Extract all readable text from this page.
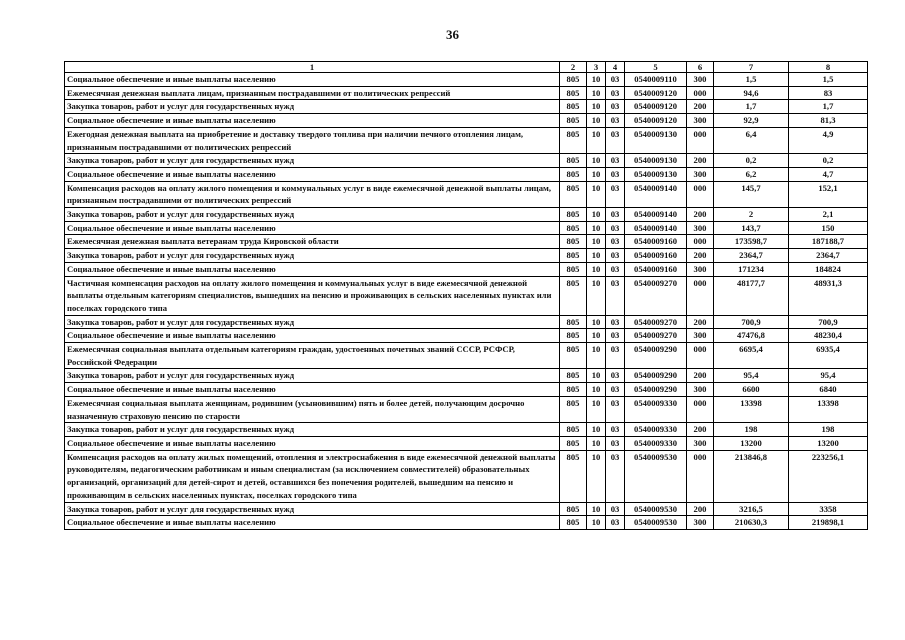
36
1	2	3	4	5	6	7	8
Социальное обеспечение и иные выплаты населению	805	10	03	0540009110	300	1,5	1,5
Ежемесячная денежная выплата лицам, признанным пострадавшими от политических репрессий	805	10	03	0540009120	000	94,6	83
Закупка товаров, работ и услуг для государственных нужд	805	10	03	0540009120	200	1,7	1,7
Социальное обеспечение и иные выплаты населению	805	10	03	0540009120	300	92,9	81,3
Ежегодная денежная выплата на приобретение и доставку твердого топлива при наличии печного отопления лицам, признанным пострадавшими от политических репрессий	805	10	03	0540009130	000	6,4	4,9
Закупка товаров, работ и услуг для государственных нужд	805	10	03	0540009130	200	0,2	0,2
Социальное обеспечение и иные выплаты населению	805	10	03	0540009130	300	6,2	4,7
Компенсация расходов на оплату жилого помещения и коммунальных услуг в виде ежемесячной денежной выплаты лицам, признанным пострадавшими от политических репрессий	805	10	03	0540009140	000	145,7	152,1
Закупка товаров, работ и услуг для государственных нужд	805	10	03	0540009140	200	2	2,1
Социальное обеспечение и иные выплаты населению	805	10	03	0540009140	300	143,7	150
Ежемесячная денежная выплата ветеранам труда Кировской области	805	10	03	0540009160	000	173598,7	187188,7
Закупка товаров, работ и услуг для государственных нужд	805	10	03	0540009160	200	2364,7	2364,7
Социальное обеспечение и иные выплаты населению	805	10	03	0540009160	300	171234	184824
Частичная компенсация расходов на оплату жилого помещения и коммунальных услуг в виде ежемесячной денежной выплаты отдельным категориям специалистов, вышедших на пенсию и проживающих в сельских населенных пунктах или поселках городского типа	805	10	03	0540009270	000	48177,7	48931,3
Закупка товаров, работ и услуг для государственных нужд	805	10	03	0540009270	200	700,9	700,9
Социальное обеспечение и иные выплаты населению	805	10	03	0540009270	300	47476,8	48230,4
Ежемесячная социальная выплата отдельным категориям граждан, удостоенных почетных званий СССР, РСФСР, Российской Федерации	805	10	03	0540009290	000	6695,4	6935,4
Закупка товаров, работ и услуг для государственных нужд	805	10	03	0540009290	200	95,4	95,4
Социальное обеспечение и иные выплаты населению	805	10	03	0540009290	300	6600	6840
Ежемесячная социальная выплата женщинам, родившим (усыновившим) пять и более детей, получающим досрочно назначенную страховую пенсию по старости	805	10	03	0540009330	000	13398	13398
Закупка товаров, работ и услуг для государственных нужд	805	10	03	0540009330	200	198	198
Социальное обеспечение и иные выплаты населению	805	10	03	0540009330	300	13200	13200
Компенсация расходов на оплату жилых помещений, отопления и электроснабжения в виде ежемесячной денежной выплаты руководителям, педагогическим работникам и иным специалистам (за исключением совместителей) образовательных организаций, организаций для детей-сирот и детей, оставшихся без попечения родителей, вышедшим на пенсию и проживающим в сельских населенных пунктах, поселках городского типа	805	10	03	0540009530	000	213846,8	223256,1
Закупка товаров, работ и услуг для государственных нужд	805	10	03	0540009530	200	3216,5	3358
Социальное обеспечение и иные выплаты населению	805	10	03	0540009530	300	210630,3	219898,1
